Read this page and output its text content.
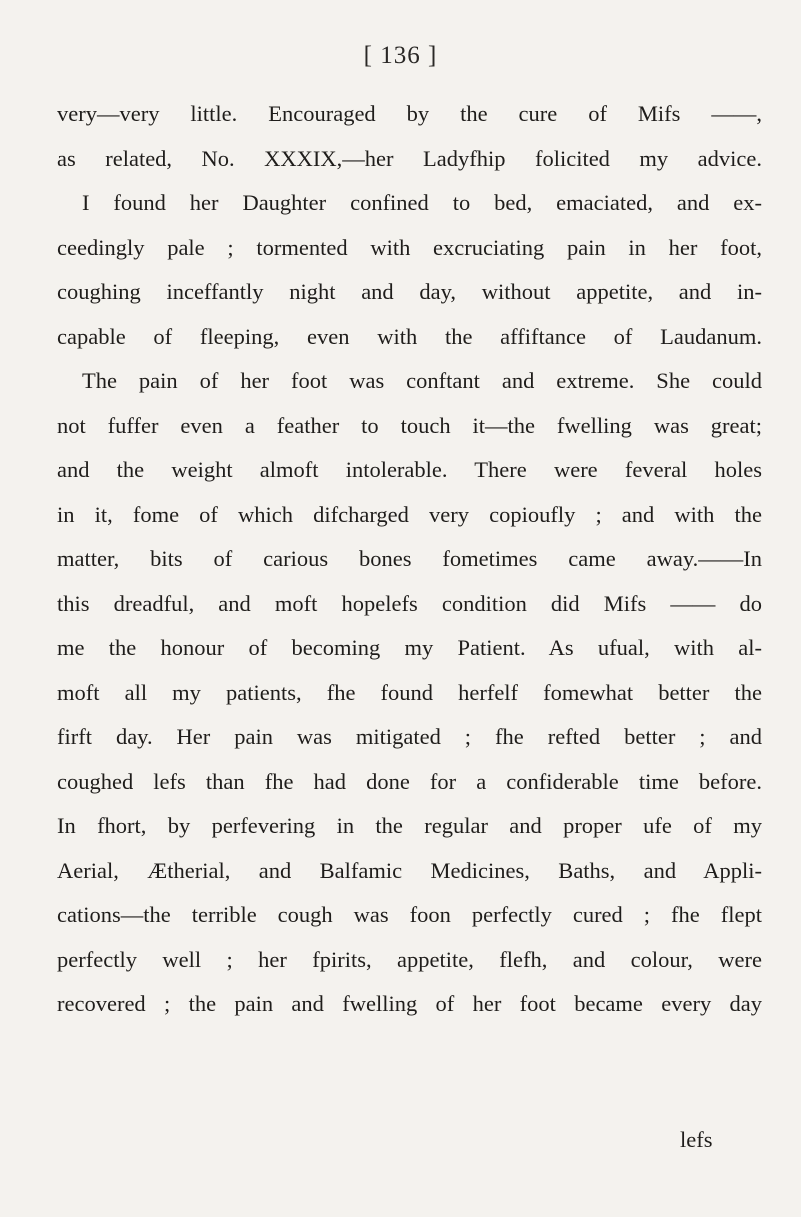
[ 136 ]
very—very little. Encouraged by the cure of Mifs ——,
as related, No. XXXIX,—her Ladyfhip folicited my advice.
I found her Daughter confined to bed, emaciated, and ex-
ceedingly pale ; tormented with excruciating pain in her foot,
coughing inceffantly night and day, without appetite, and in-
capable of fleeping, even with the affiftance of Laudanum.
The pain of her foot was conftant and extreme. She could
not fuffer even a feather to touch it—the fwelling was great;
and the weight almoft intolerable. There were feveral holes
in it, fome of which difcharged very copioufly ; and with the
matter, bits of carious bones fometimes came away.——In
this dreadful, and moft hopelefs condition did Mifs —— do
me the honour of becoming my Patient. As ufual, with al-
moft all my patients, fhe found herfelf fomewhat better the
firft day. Her pain was mitigated ; fhe refted better ; and
coughed lefs than fhe had done for a confiderable time before.
In fhort, by perfevering in the regular and proper ufe of my
Aerial, Ætherial, and Balfamic Medicines, Baths, and Appli-
cations—the terrible cough was foon perfectly cured ; fhe flept
perfectly well ; her fpirits, appetite, flefh, and colour, were
recovered ; the pain and fwelling of her foot became every day
lefs
